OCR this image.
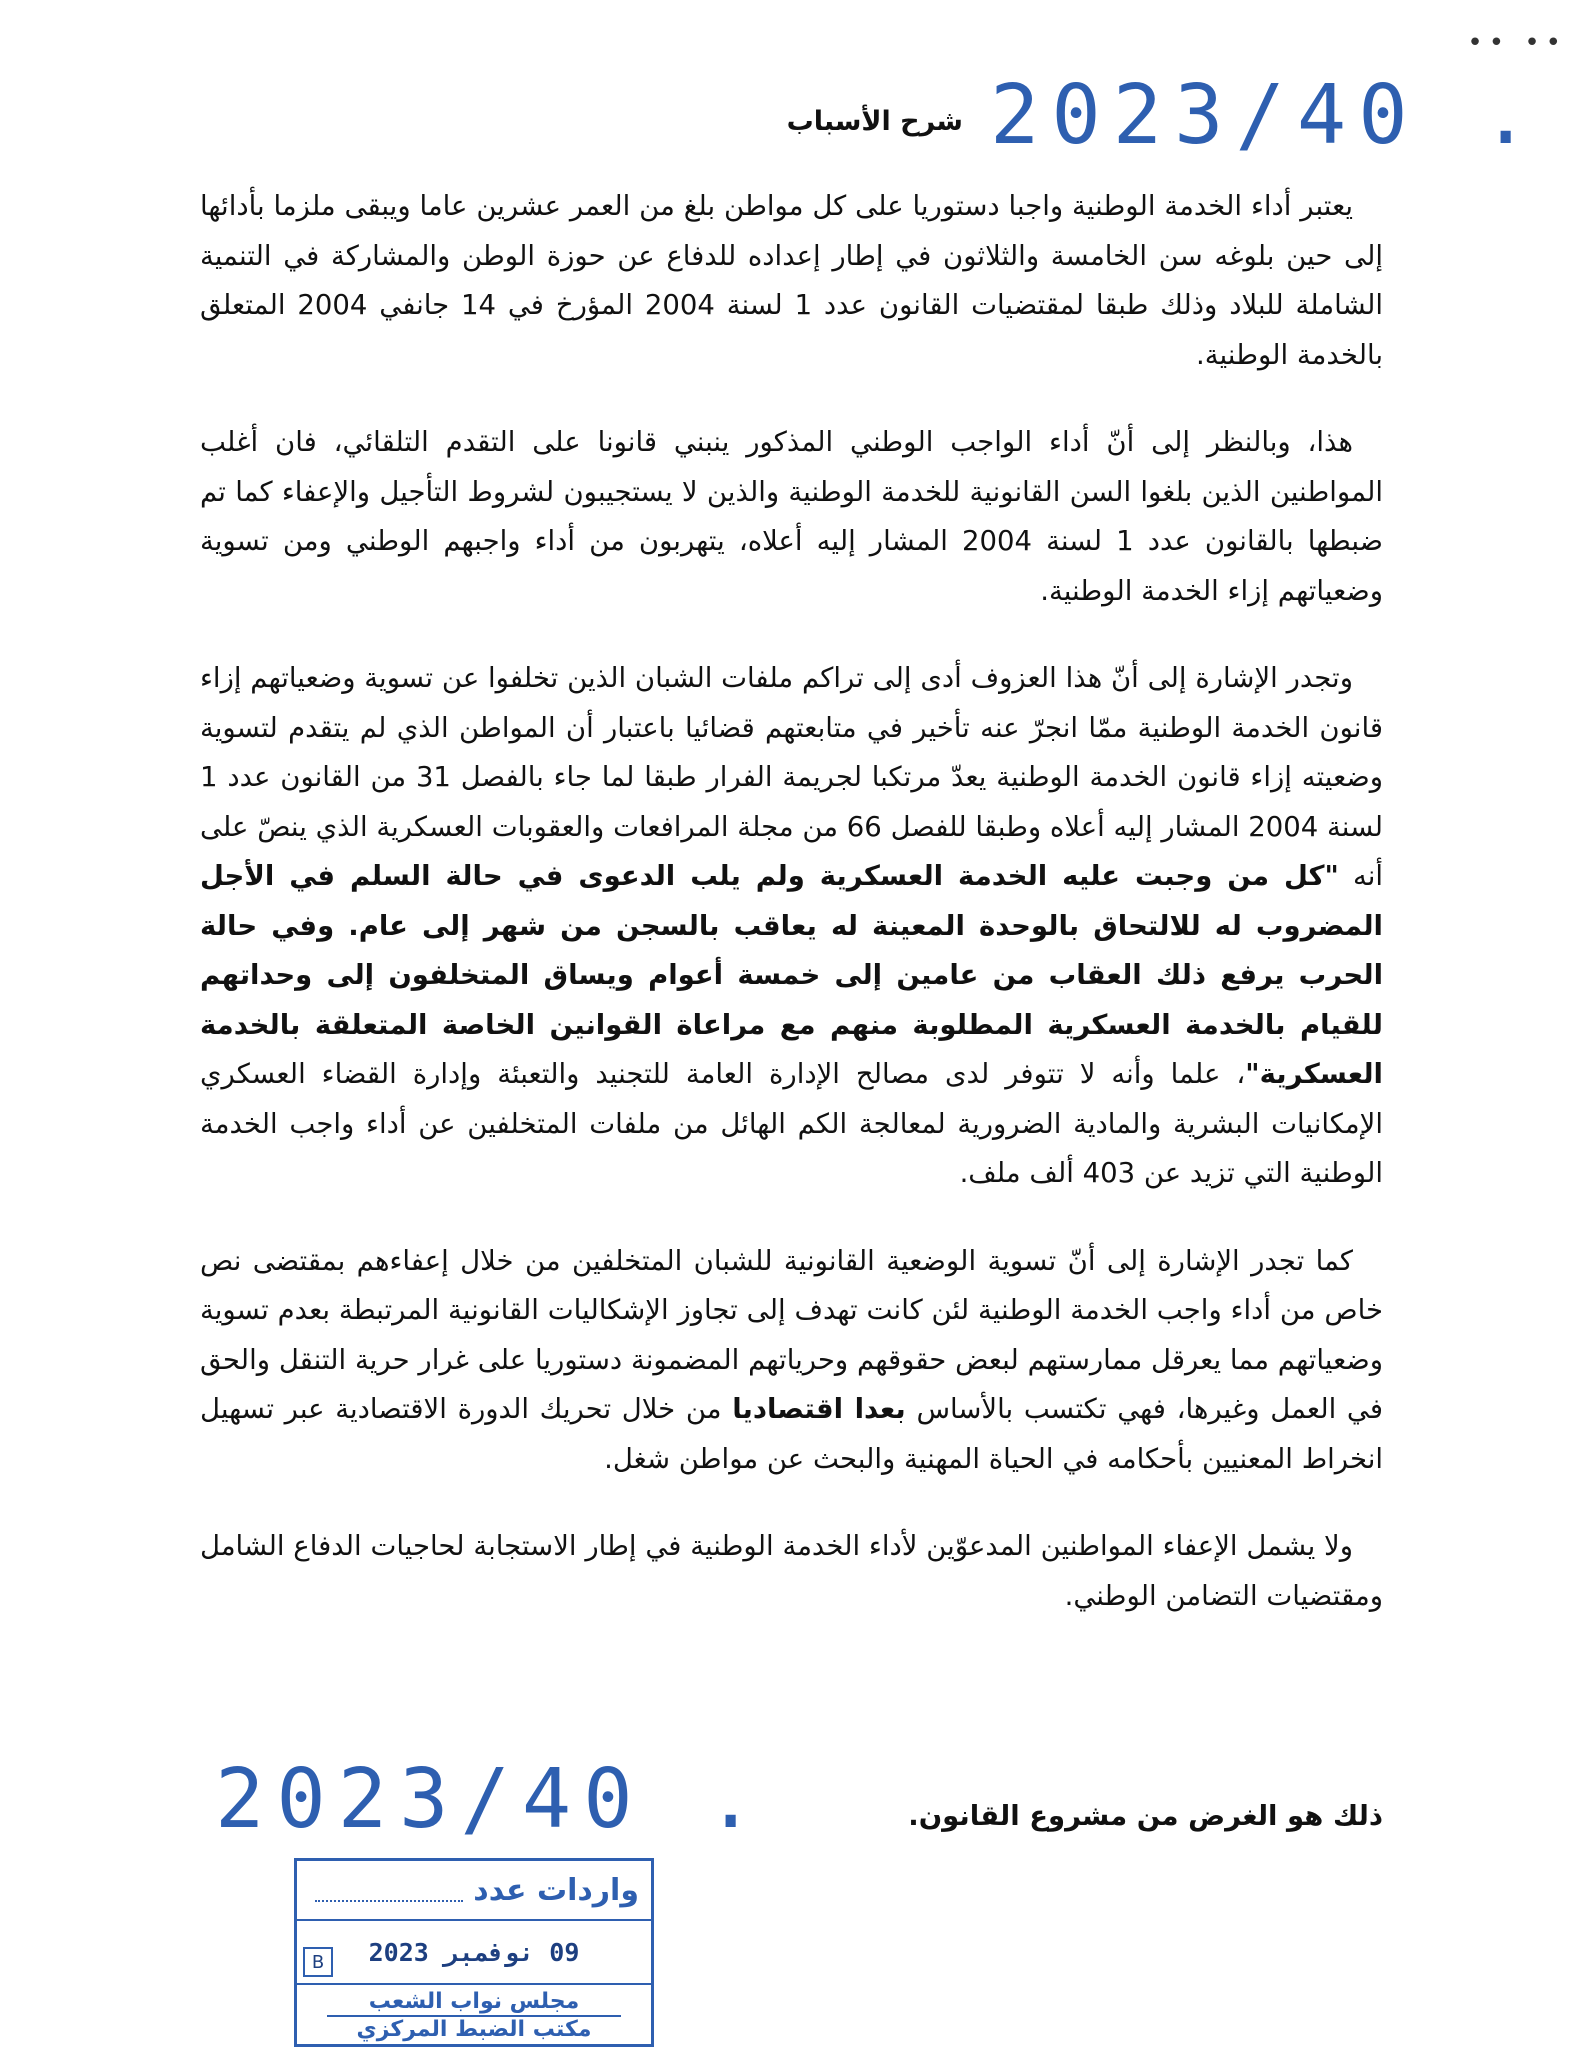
•• ••
2023/40 .
شرح الأسباب

يعتبر أداء الخدمة الوطنية واجبا دستوريا على كل مواطن بلغ من العمر عشرين عاما ويبقى ملزما بأدائها إلى حين بلوغه سن الخامسة والثلاثون في إطار إعداده للدفاع عن حوزة الوطن والمشاركة في التنمية الشاملة للبلاد وذلك طبقا لمقتضيات القانون عدد 1 لسنة 2004 المؤرخ في 14 جانفي 2004 المتعلق بالخدمة الوطنية.

هذا، وبالنظر إلى أنّ أداء الواجب الوطني المذكور ينبني قانونا على التقدم التلقائي، فان أغلب المواطنين الذين بلغوا السن القانونية للخدمة الوطنية والذين لا يستجيبون لشروط التأجيل والإعفاء كما تم ضبطها بالقانون عدد 1 لسنة 2004 المشار إليه أعلاه، يتهربون من أداء واجبهم الوطني ومن تسوية وضعياتهم إزاء الخدمة الوطنية.

وتجدر الإشارة إلى أنّ هذا العزوف أدى إلى تراكم ملفات الشبان الذين تخلفوا عن تسوية وضعياتهم إزاء قانون الخدمة الوطنية ممّا انجرّ عنه تأخير في متابعتهم قضائيا باعتبار أن المواطن الذي لم يتقدم لتسوية وضعيته إزاء قانون الخدمة الوطنية يعدّ مرتكبا لجريمة الفرار طبقا لما جاء بالفصل 31 من القانون عدد 1 لسنة 2004 المشار إليه أعلاه وطبقا للفصل 66 من مجلة المرافعات والعقوبات العسكرية الذي ينصّ على أنه "كل من وجبت عليه الخدمة العسكرية ولم يلب الدعوى في حالة السلم في الأجل المضروب له للالتحاق بالوحدة المعينة له يعاقب بالسجن من شهر إلى عام. وفي حالة الحرب يرفع ذلك العقاب من عامين إلى خمسة أعوام ويساق المتخلفون إلى وحداتهم للقيام بالخدمة العسكرية المطلوبة منهم مع مراعاة القوانين الخاصة المتعلقة بالخدمة العسكرية"، علما وأنه لا تتوفر لدى مصالح الإدارة العامة للتجنيد والتعبئة وإدارة القضاء العسكري الإمكانيات البشرية والمادية الضرورية لمعالجة الكم الهائل من ملفات المتخلفين عن أداء واجب الخدمة الوطنية التي تزيد عن 403 ألف ملف.

كما تجدر الإشارة إلى أنّ تسوية الوضعية القانونية للشبان المتخلفين من خلال إعفاءهم بمقتضى نص خاص من أداء واجب الخدمة الوطنية لئن كانت تهدف إلى تجاوز الإشكاليات القانونية المرتبطة بعدم تسوية وضعياتهم مما يعرقل ممارستهم لبعض حقوقهم وحرياتهم المضمونة دستوريا على غرار حرية التنقل والحق في العمل وغيرها، فهي تكتسب بالأساس بعدا اقتصاديا من خلال تحريك الدورة الاقتصادية عبر تسهيل انخراط المعنيين بأحكامه في الحياة المهنية والبحث عن مواطن شغل.

ولا يشمل الإعفاء المواطنين المدعوّين لأداء الخدمة الوطنية في إطار الاستجابة لحاجيات الدفاع الشامل ومقتضيات التضامن الوطني.

2023/40 .	ذلك هو الغرض من مشروع القانون.
واردات عدد
09 نوفمبر 2023
B
مجلس نواب الشعب
مكتب الضبط المركزي
